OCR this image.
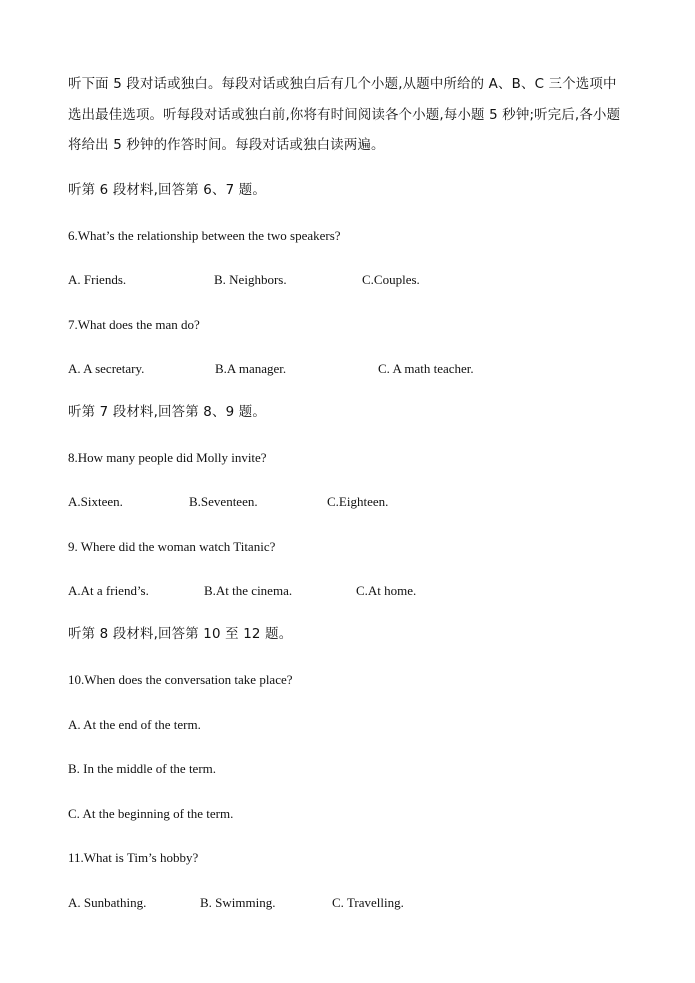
听下面 5 段对话或独白。每段对话或独白后有几个小题,从题中所给的 A、B、C 三个选项中
选出最佳选项。听每段对话或独白前,你将有时间阅读各个小题,每小题 5 秒钟;听完后,各小题
将给出 5 秒钟的作答时间。每段对话或独白读两遍。
听第 6 段材料,回答第 6、7 题。
6.What’s the relationship between the two speakers?
A. Friends.	B. Neighbors.	C.Couples.
7.What does the man do?
A. A secretary.	B.A manager.	C. A math teacher.
听第 7 段材料,回答第 8、9 题。
8.How many people did Molly invite?
A.Sixteen.	B.Seventeen.	C.Eighteen.
9. Where did the woman watch Titanic?
A.At a friend’s.	B.At the cinema.	C.At home.
听第 8 段材料,回答第 10 至 12 题。
10.When does the conversation take place?
A. At the end of the term.
B. In the middle of the term.
C. At the beginning of the term.
11.What is Tim’s hobby?
A. Sunbathing.	B. Swimming.	C. Travelling.
